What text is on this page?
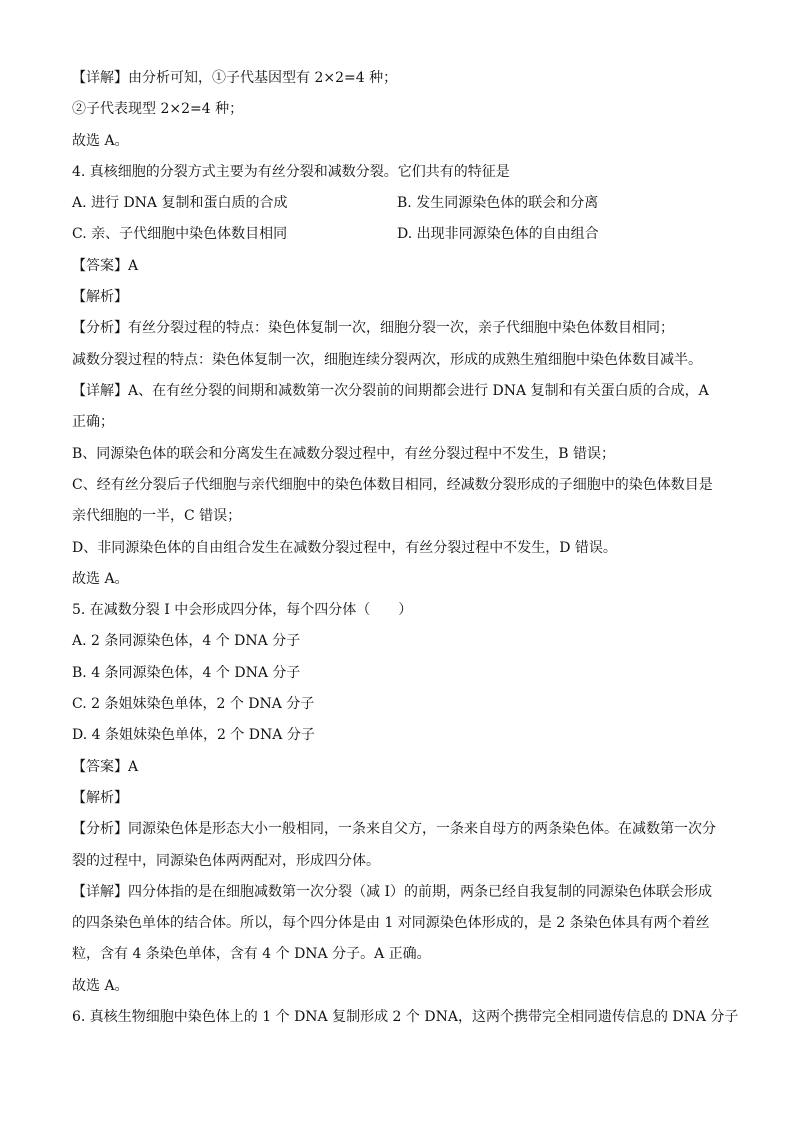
A. 进行 DNA 复制和蛋白质的合成	B. 发生同源染色体的联会和分离
C. 亲、子代细胞中染色体数目相同	D. 出现非同源染色体的自由组合
【详解】由分析可知，①子代基因型有 2×2=4 种；
②子代表现型 2×2=4 种；
故选 A。
4. 真核细胞的分裂方式主要为有丝分裂和减数分裂。它们共有的特征是
【答案】A
【解析】
【分析】有丝分裂过程的特点：染色体复制一次，细胞分裂一次，亲子代细胞中染色体数目相同；
减数分裂过程的特点：染色体复制一次，细胞连续分裂两次，形成的成熟生殖细胞中染色体数目减半。
【详解】A、在有丝分裂的间期和减数第一次分裂前的间期都会进行 DNA 复制和有关蛋白质的合成，A
正确；
B、同源染色体的联会和分离发生在减数分裂过程中，有丝分裂过程中不发生，B 错误；
C、经有丝分裂后子代细胞与亲代细胞中的染色体数目相同，经减数分裂形成的子细胞中的染色体数目是
亲代细胞的一半，C 错误；
D、非同源染色体的自由组合发生在减数分裂过程中，有丝分裂过程中不发生，D 错误。
故选 A。
5. 在减数分裂 I 中会形成四分体，每个四分体（　　）
A. 2 条同源染色体，4 个 DNA 分子
B. 4 条同源染色体，4 个 DNA 分子
C. 2 条姐妹染色单体，2 个 DNA 分子
D. 4 条姐妹染色单体，2 个 DNA 分子
【答案】A
【解析】
【分析】同源染色体是形态大小一般相同，一条来自父方，一条来自母方的两条染色体。在减数第一次分
裂的过程中，同源染色体两两配对，形成四分体。
【详解】四分体指的是在细胞减数第一次分裂（减 I）的前期，两条已经自我复制的同源染色体联会形成
的四条染色单体的结合体。所以，每个四分体是由 1 对同源染色体形成的，是 2 条染色体具有两个着丝
粒，含有 4 条染色单体，含有 4 个 DNA 分子。A 正确。
故选 A。
6. 真核生物细胞中染色体上的 1 个 DNA 复制形成 2 个 DNA，这两个携带完全相同遗传信息的 DNA 分子
